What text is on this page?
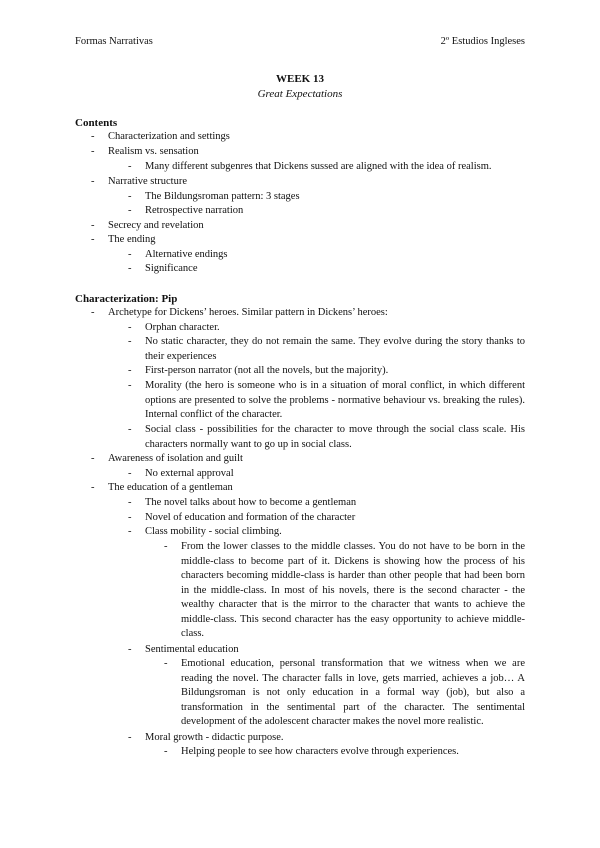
Formas Narrativas	2º Estudios Ingleses
WEEK 13
Great Expectations
Contents
- Characterization and settings
- Realism vs. sensation
- Many different subgenres that Dickens sussed are aligned with the idea of realism.
- Narrative structure
- The Bildungsroman pattern: 3 stages
- Retrospective narration
- Secrecy and revelation
- The ending
- Alternative endings
- Significance
Characterization: Pip
- Archetype for Dickens’ heroes. Similar pattern in Dickens’ heroes:
- Orphan character.
- No static character, they do not remain the same. They evolve during the story thanks to their experiences
- First-person narrator (not all the novels, but the majority).
- Morality (the hero is someone who is in a situation of moral conflict, in which different options are presented to solve the problems - normative behaviour vs. breaking the rules). Internal conflict of the character.
- Social class - possibilities for the character to move through the social class scale. His characters normally want to go up in social class.
- Awareness of isolation and guilt
- No external approval
- The education of a gentleman
- The novel talks about how to become a gentleman
- Novel of education and formation of the character
- Class mobility - social climbing.
- From the lower classes to the middle classes. You do not have to be born in the middle-class to become part of it. Dickens is showing how the process of his characters becoming middle-class is harder than other people that had been born in the middle-class. In most of his novels, there is the second character - the wealthy character that is the mirror to the character that wants to achieve the middle-class. This second character has the easy opportunity to achieve middle-class.
- Sentimental education
- Emotional education, personal transformation that we witness when we are reading the novel. The character falls in love, gets married, achieves a job… A Bildungsroman is not only education in a formal way (job), but also a transformation in the sentimental part of the character. The sentimental development of the adolescent character makes the novel more realistic.
- Moral growth - didactic purpose.
- Helping people to see how characters evolve through experiences.
